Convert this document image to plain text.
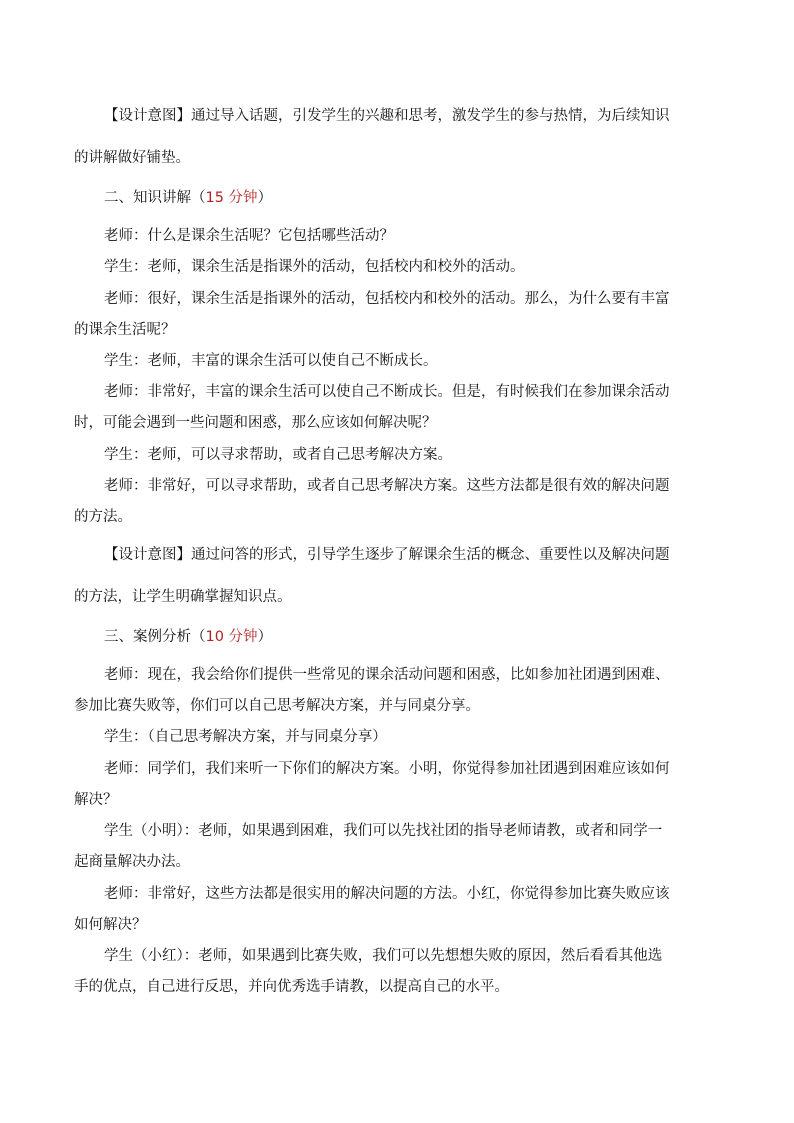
【设计意图】通过导入话题，引发学生的兴趣和思考，激发学生的参与热情，为后续知识
的讲解做好铺垫。
二、知识讲解（15 分钟）
老师：什么是课余生活呢？它包括哪些活动？
学生：老师，课余生活是指课外的活动，包括校内和校外的活动。
老师：很好，课余生活是指课外的活动，包括校内和校外的活动。那么，为什么要有丰富
的课余生活呢？
学生：老师，丰富的课余生活可以使自己不断成长。
老师：非常好，丰富的课余生活可以使自己不断成长。但是，有时候我们在参加课余活动
时，可能会遇到一些问题和困惑，那么应该如何解决呢？
学生：老师，可以寻求帮助，或者自己思考解决方案。
老师：非常好，可以寻求帮助，或者自己思考解决方案。这些方法都是很有效的解决问题
的方法。
【设计意图】通过问答的形式，引导学生逐步了解课余生活的概念、重要性以及解决问题
的方法，让学生明确掌握知识点。
三、案例分析（10 分钟）
老师：现在，我会给你们提供一些常见的课余活动问题和困惑，比如参加社团遇到困难、
参加比赛失败等，你们可以自己思考解决方案，并与同桌分享。
学生：（自己思考解决方案，并与同桌分享）
老师：同学们，我们来听一下你们的解决方案。小明，你觉得参加社团遇到困难应该如何
解决？
学生（小明）：老师，如果遇到困难，我们可以先找社团的指导老师请教，或者和同学一
起商量解决办法。
老师：非常好，这些方法都是很实用的解决问题的方法。小红，你觉得参加比赛失败应该
如何解决？
学生（小红）：老师，如果遇到比赛失败，我们可以先想想失败的原因，然后看看其他选
手的优点，自己进行反思，并向优秀选手请教，以提高自己的水平。
